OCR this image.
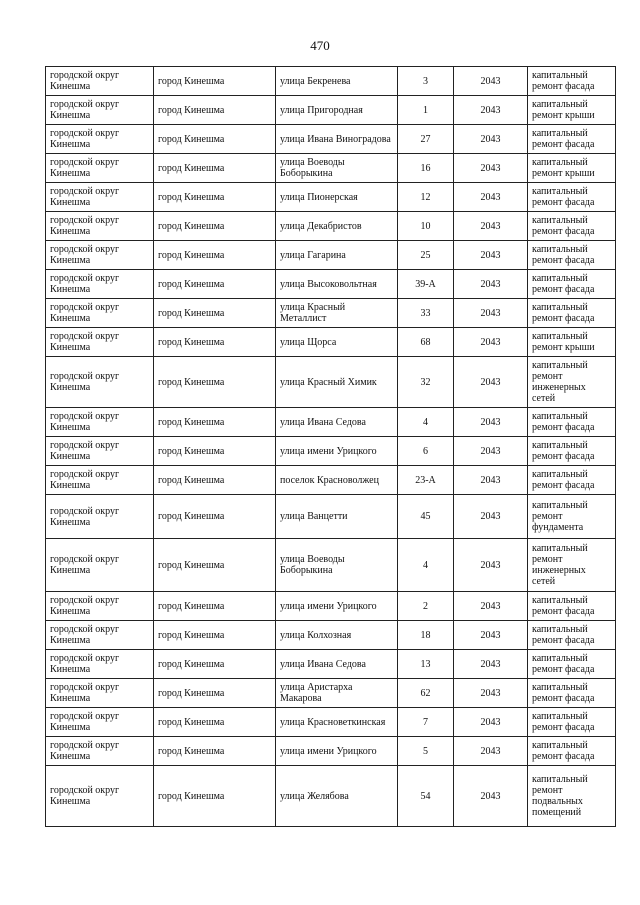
470
городской округ Кинешма	город Кинешма	улица Бекренева	3	2043	капитальный ремонт фасада
городской округ Кинешма	город Кинешма	улица Пригородная	1	2043	капитальный ремонт крыши
городской округ Кинешма	город Кинешма	улица Ивана Виноградова	27	2043	капитальный ремонт фасада
городской округ Кинешма	город Кинешма	улица Воеводы Боборыкина	16	2043	капитальный ремонт крыши
городской округ Кинешма	город Кинешма	улица Пионерская	12	2043	капитальный ремонт фасада
городской округ Кинешма	город Кинешма	улица Декабристов	10	2043	капитальный ремонт фасада
городской округ Кинешма	город Кинешма	улица Гагарина	25	2043	капитальный ремонт фасада
городской округ Кинешма	город Кинешма	улица Высоковольтная	39-А	2043	капитальный ремонт фасада
городской округ Кинешма	город Кинешма	улица Красный Металлист	33	2043	капитальный ремонт фасада
городской округ Кинешма	город Кинешма	улица Щорса	68	2043	капитальный ремонт крыши
городской округ Кинешма	город Кинешма	улица Красный Химик	32	2043	капитальный ремонт инженерных сетей
городской округ Кинешма	город Кинешма	улица Ивана Седова	4	2043	капитальный ремонт фасада
городской округ Кинешма	город Кинешма	улица имени Урицкого	6	2043	капитальный ремонт фасада
городской округ Кинешма	город Кинешма	поселок Красноволжец	23-А	2043	капитальный ремонт фасада
городской округ Кинешма	город Кинешма	улица Ванцетти	45	2043	капитальный ремонт фундамента
городской округ Кинешма	город Кинешма	улица Воеводы Боборыкина	4	2043	капитальный ремонт инженерных сетей
городской округ Кинешма	город Кинешма	улица имени Урицкого	2	2043	капитальный ремонт фасада
городской округ Кинешма	город Кинешма	улица Колхозная	18	2043	капитальный ремонт фасада
городской округ Кинешма	город Кинешма	улица Ивана Седова	13	2043	капитальный ремонт фасада
городской округ Кинешма	город Кинешма	улица Аристарха Макарова	62	2043	капитальный ремонт фасада
городской округ Кинешма	город Кинешма	улица Красноветкинская	7	2043	капитальный ремонт фасада
городской округ Кинешма	город Кинешма	улица имени Урицкого	5	2043	капитальный ремонт фасада
городской округ Кинешма	город Кинешма	улица Желябова	54	2043	капитальный ремонт подвальных помещений
